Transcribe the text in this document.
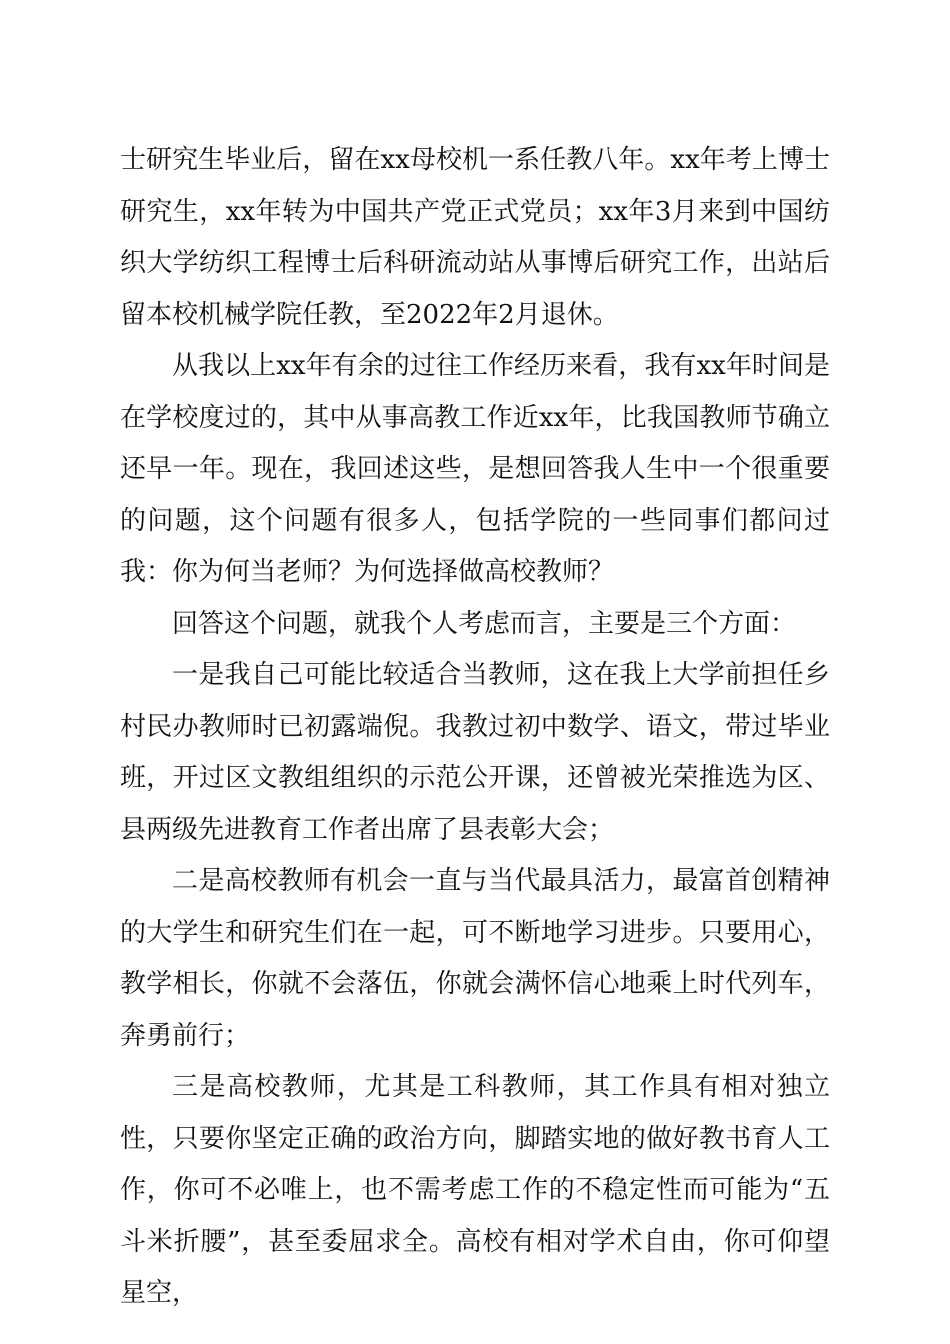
士研究生毕业后，留在xx母校机一系任教八年。xx年考上博士研究生，xx年转为中国共产党正式党员；xx年3月来到中国纺织大学纺织工程博士后科研流动站从事博后研究工作，出站后留本校机械学院任教，至2022年2月退休。

从我以上xx年有余的过往工作经历来看，我有xx年时间是在学校度过的，其中从事高教工作近xx年，比我国教师节确立还早一年。现在，我回述这些，是想回答我人生中一个很重要的问题，这个问题有很多人，包括学院的一些同事们都问过我：你为何当老师？为何选择做高校教师？

回答这个问题，就我个人考虑而言，主要是三个方面：

一是我自己可能比较适合当教师，这在我上大学前担任乡村民办教师时已初露端倪。我教过初中数学、语文，带过毕业班，开过区文教组组织的示范公开课，还曾被光荣推选为区、县两级先进教育工作者出席了县表彰大会；

二是高校教师有机会一直与当代最具活力，最富首创精神的大学生和研究生们在一起，可不断地学习进步。只要用心，教学相长，你就不会落伍，你就会满怀信心地乘上时代列车，奔勇前行；

三是高校教师，尤其是工科教师，其工作具有相对独立性，只要你坚定正确的政治方向，脚踏实地的做好教书育人工作，你可不必唯上，也不需考虑工作的不稳定性而可能为“五斗米折腰”，甚至委屈求全。高校有相对学术自由，你可仰望星空，
